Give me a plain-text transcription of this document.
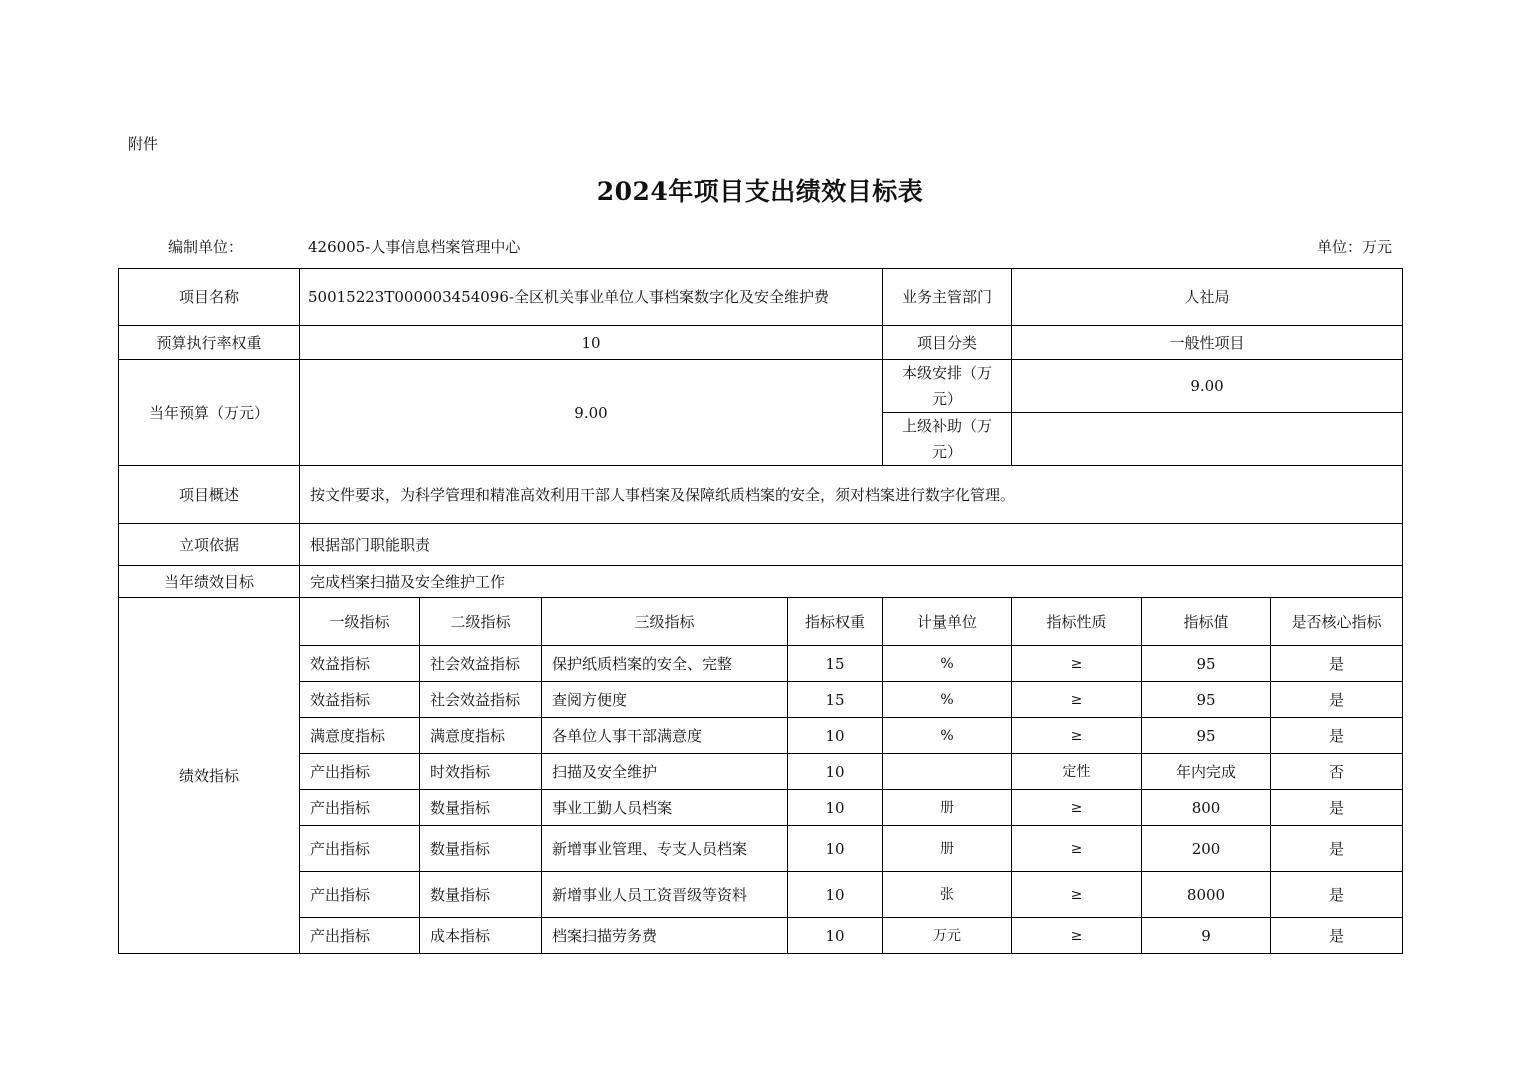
附件
2024年项目支出绩效目标表
编制单位：	426005-人事信息档案管理中心	单位：万元
项目名称	50015223T000003454096-全区机关事业单位人事档案数字化及安全维护费				业务主管部门	人社局		
预算执行率权重	10				项目分类	一般性项目		
当年预算（万元）	9.00				本级安排（万元）	9.00		
					上级补助（万元）			
项目概述	按文件要求，为科学管理和精准高效利用干部人事档案及保障纸质档案的安全，须对档案进行数字化管理。							
立项依据	根据部门职能职责							
当年绩效目标	完成档案扫描及安全维护工作							
绩效指标	一级指标	二级指标	三级指标	指标权重	计量单位	指标性质	指标值	是否核心指标
	效益指标	社会效益指标	保护纸质档案的安全、完整	15	%	≥	95	是
	效益指标	社会效益指标	查阅方便度	15	%	≥	95	是
	满意度指标	满意度指标	各单位人事干部满意度	10	%	≥	95	是
	产出指标	时效指标	扫描及安全维护	10		定性	年内完成	否
	产出指标	数量指标	事业工勤人员档案	10	册	≥	800	是
	产出指标	数量指标	新增事业管理、专支人员档案	10	册	≥	200	是
	产出指标	数量指标	新增事业人员工资晋级等资料	10	张	≥	8000	是
	产出指标	成本指标	档案扫描劳务费	10	万元	≥	9	是
